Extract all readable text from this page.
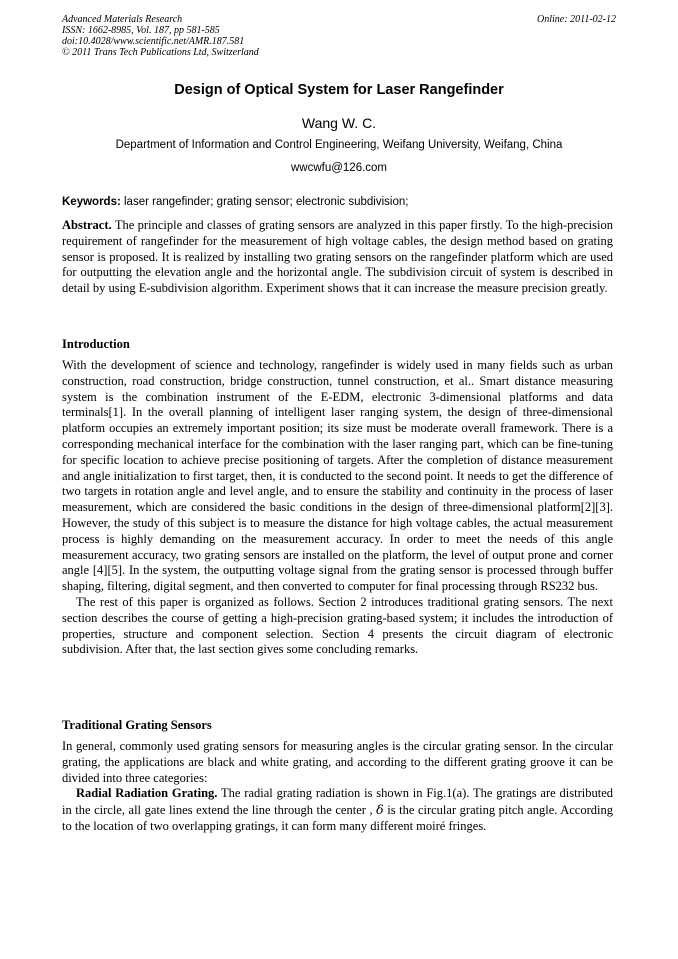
Advanced Materials Research
ISSN: 1662-8985, Vol. 187, pp 581-585
doi:10.4028/www.scientific.net/AMR.187.581
© 2011 Trans Tech Publications Ltd, Switzerland
Online: 2011-02-12
Design of Optical System for Laser Rangefinder
Wang W. C.
Department of Information and Control Engineering, Weifang University, Weifang, China
wwcwfu@126.com
Keywords: laser rangefinder; grating sensor; electronic subdivision;
Abstract. The principle and classes of grating sensors are analyzed in this paper firstly. To the high-precision requirement of rangefinder for the measurement of high voltage cables, the design method based on grating sensor is proposed. It is realized by installing two grating sensors on the rangefinder platform which are used for outputting the elevation angle and the horizontal angle. The subdivision circuit of system is described in detail by using E-subdivision algorithm. Experiment shows that it can increase the measure precision greatly.
Introduction

With the development of science and technology, rangefinder is widely used in many fields such as urban construction, road construction, bridge construction, tunnel construction, et al.. Smart distance measuring system is the combination instrument of the E-EDM, electronic 3-dimensional platforms and data terminals[1]. In the overall planning of intelligent laser ranging system, the design of three-dimensional platform occupies an extremely important position; its size must be moderate overall framework. There is a corresponding mechanical interface for the combination with the laser ranging part, which can be fine-tuning for specific location to achieve precise positioning of targets. After the completion of distance measurement and angle initialization to first target, then, it is conducted to the second point. It needs to get the difference of two targets in rotation angle and level angle, and to ensure the stability and continuity in the process of laser measurement, which are considered the basic conditions in the design of three-dimensional platform[2][3]. However, the study of this subject is to measure the distance for high voltage cables, the actual measurement process is highly demanding on the measurement accuracy. In order to meet the needs of this angle measurement accuracy, two grating sensors are installed on the platform, the level of output prone and corner angle [4][5]. In the system, the outputting voltage signal from the grating sensor is processed through buffer shaping, filtering, digital segment, and then converted to computer for final processing through RS232 bus.

The rest of this paper is organized as follows. Section 2 introduces traditional grating sensors. The next section describes the course of getting a high-precision grating-based system; it includes the introduction of properties, structure and component selection. Section 4 presents the circuit diagram of electronic subdivision. After that, the last section gives some concluding remarks.

Traditional Grating Sensors

In general, commonly used grating sensors for measuring angles is the circular grating sensor. In the circular grating, the applications are black and white grating, and according to the different grating groove it can be divided into three categories:

Radial Radiation Grating. The radial grating radiation is shown in Fig.1(a). The gratings are distributed in the circle, all gate lines extend the line through the center , δ is the circular grating pitch angle. According to the location of two overlapping gratings, it can form many different moiré fringes.
